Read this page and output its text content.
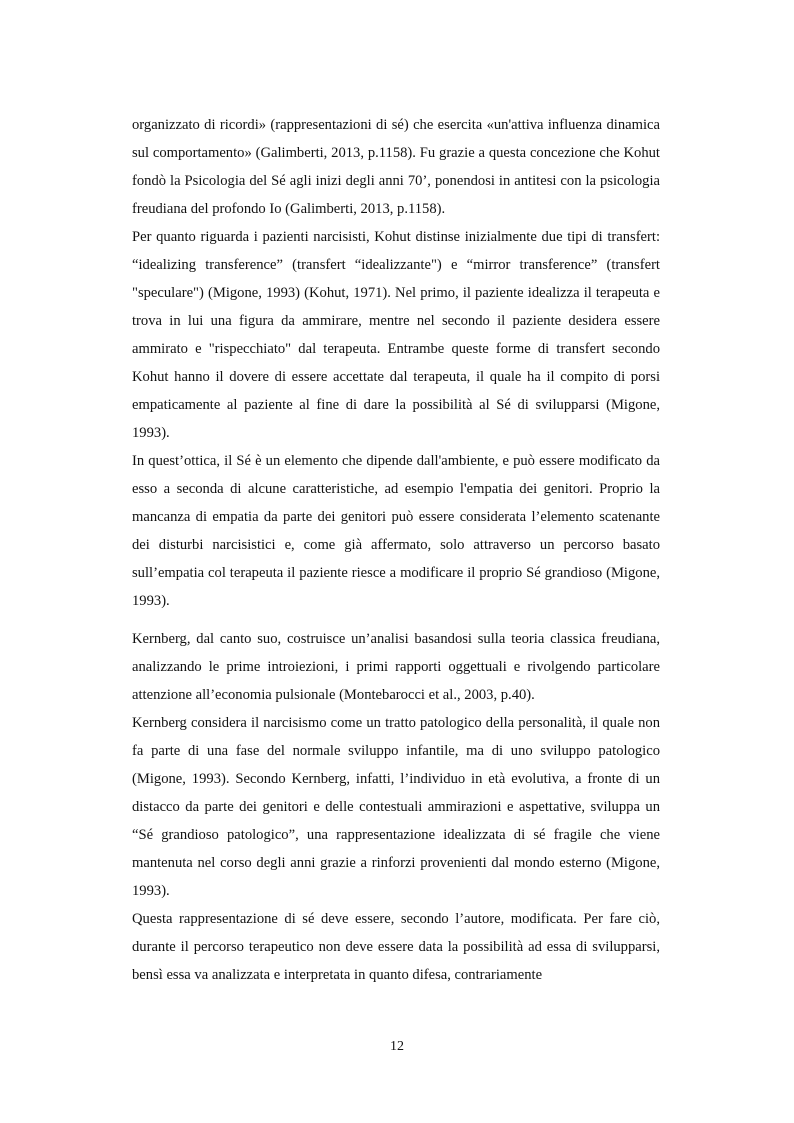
organizzato di ricordi» (rappresentazioni di sé) che esercita «un'attiva influenza dinamica sul comportamento» (Galimberti, 2013, p.1158). Fu grazie a questa concezione che Kohut fondò la Psicologia del Sé agli inizi degli anni 70’, ponendosi in antitesi con la psicologia freudiana del profondo Io (Galimberti, 2013, p.1158).

Per quanto riguarda i pazienti narcisisti, Kohut distinse inizialmente due tipi di transfert: “idealizing transference” (transfert “idealizzante") e “mirror transference” (transfert "speculare") (Migone, 1993) (Kohut, 1971). Nel primo, il paziente idealizza il terapeuta e trova in lui una figura da ammirare, mentre nel secondo il paziente desidera essere ammirato e "rispecchiato" dal terapeuta. Entrambe queste forme di transfert secondo Kohut hanno il dovere di essere accettate dal terapeuta, il quale ha il compito di porsi empaticamente al paziente al fine di dare la possibilità al Sé di svilupparsi (Migone, 1993).

In quest’ottica, il Sé è un elemento che dipende dall'ambiente, e può essere modificato da esso a seconda di alcune caratteristiche, ad esempio l'empatia dei genitori. Proprio la mancanza di empatia da parte dei genitori può essere considerata l’elemento scatenante dei disturbi narcisistici e, come già affermato, solo attraverso un percorso basato sull’empatia col terapeuta il paziente riesce a modificare il proprio Sé grandioso (Migone, 1993).

Kernberg, dal canto suo, costruisce un’analisi basandosi sulla teoria classica freudiana, analizzando le prime introiezioni, i primi rapporti oggettuali e rivolgendo particolare attenzione all’economia pulsionale (Montebarocci et al., 2003, p.40).

Kernberg considera il narcisismo come un tratto patologico della personalità, il quale non fa parte di una fase del normale sviluppo infantile, ma di uno sviluppo patologico (Migone, 1993). Secondo Kernberg, infatti, l’individuo in età evolutiva, a fronte di un distacco da parte dei genitori e delle contestuali ammirazioni e aspettative, sviluppa un “Sé grandioso patologico”, una rappresentazione idealizzata di sé fragile che viene mantenuta nel corso degli anni grazie a rinforzi provenienti dal mondo esterno (Migone, 1993).

Questa rappresentazione di sé deve essere, secondo l’autore, modificata. Per fare ciò, durante il percorso terapeutico non deve essere data la possibilità ad essa di svilupparsi, bensì essa va analizzata e interpretata in quanto difesa, contrariamente

12
